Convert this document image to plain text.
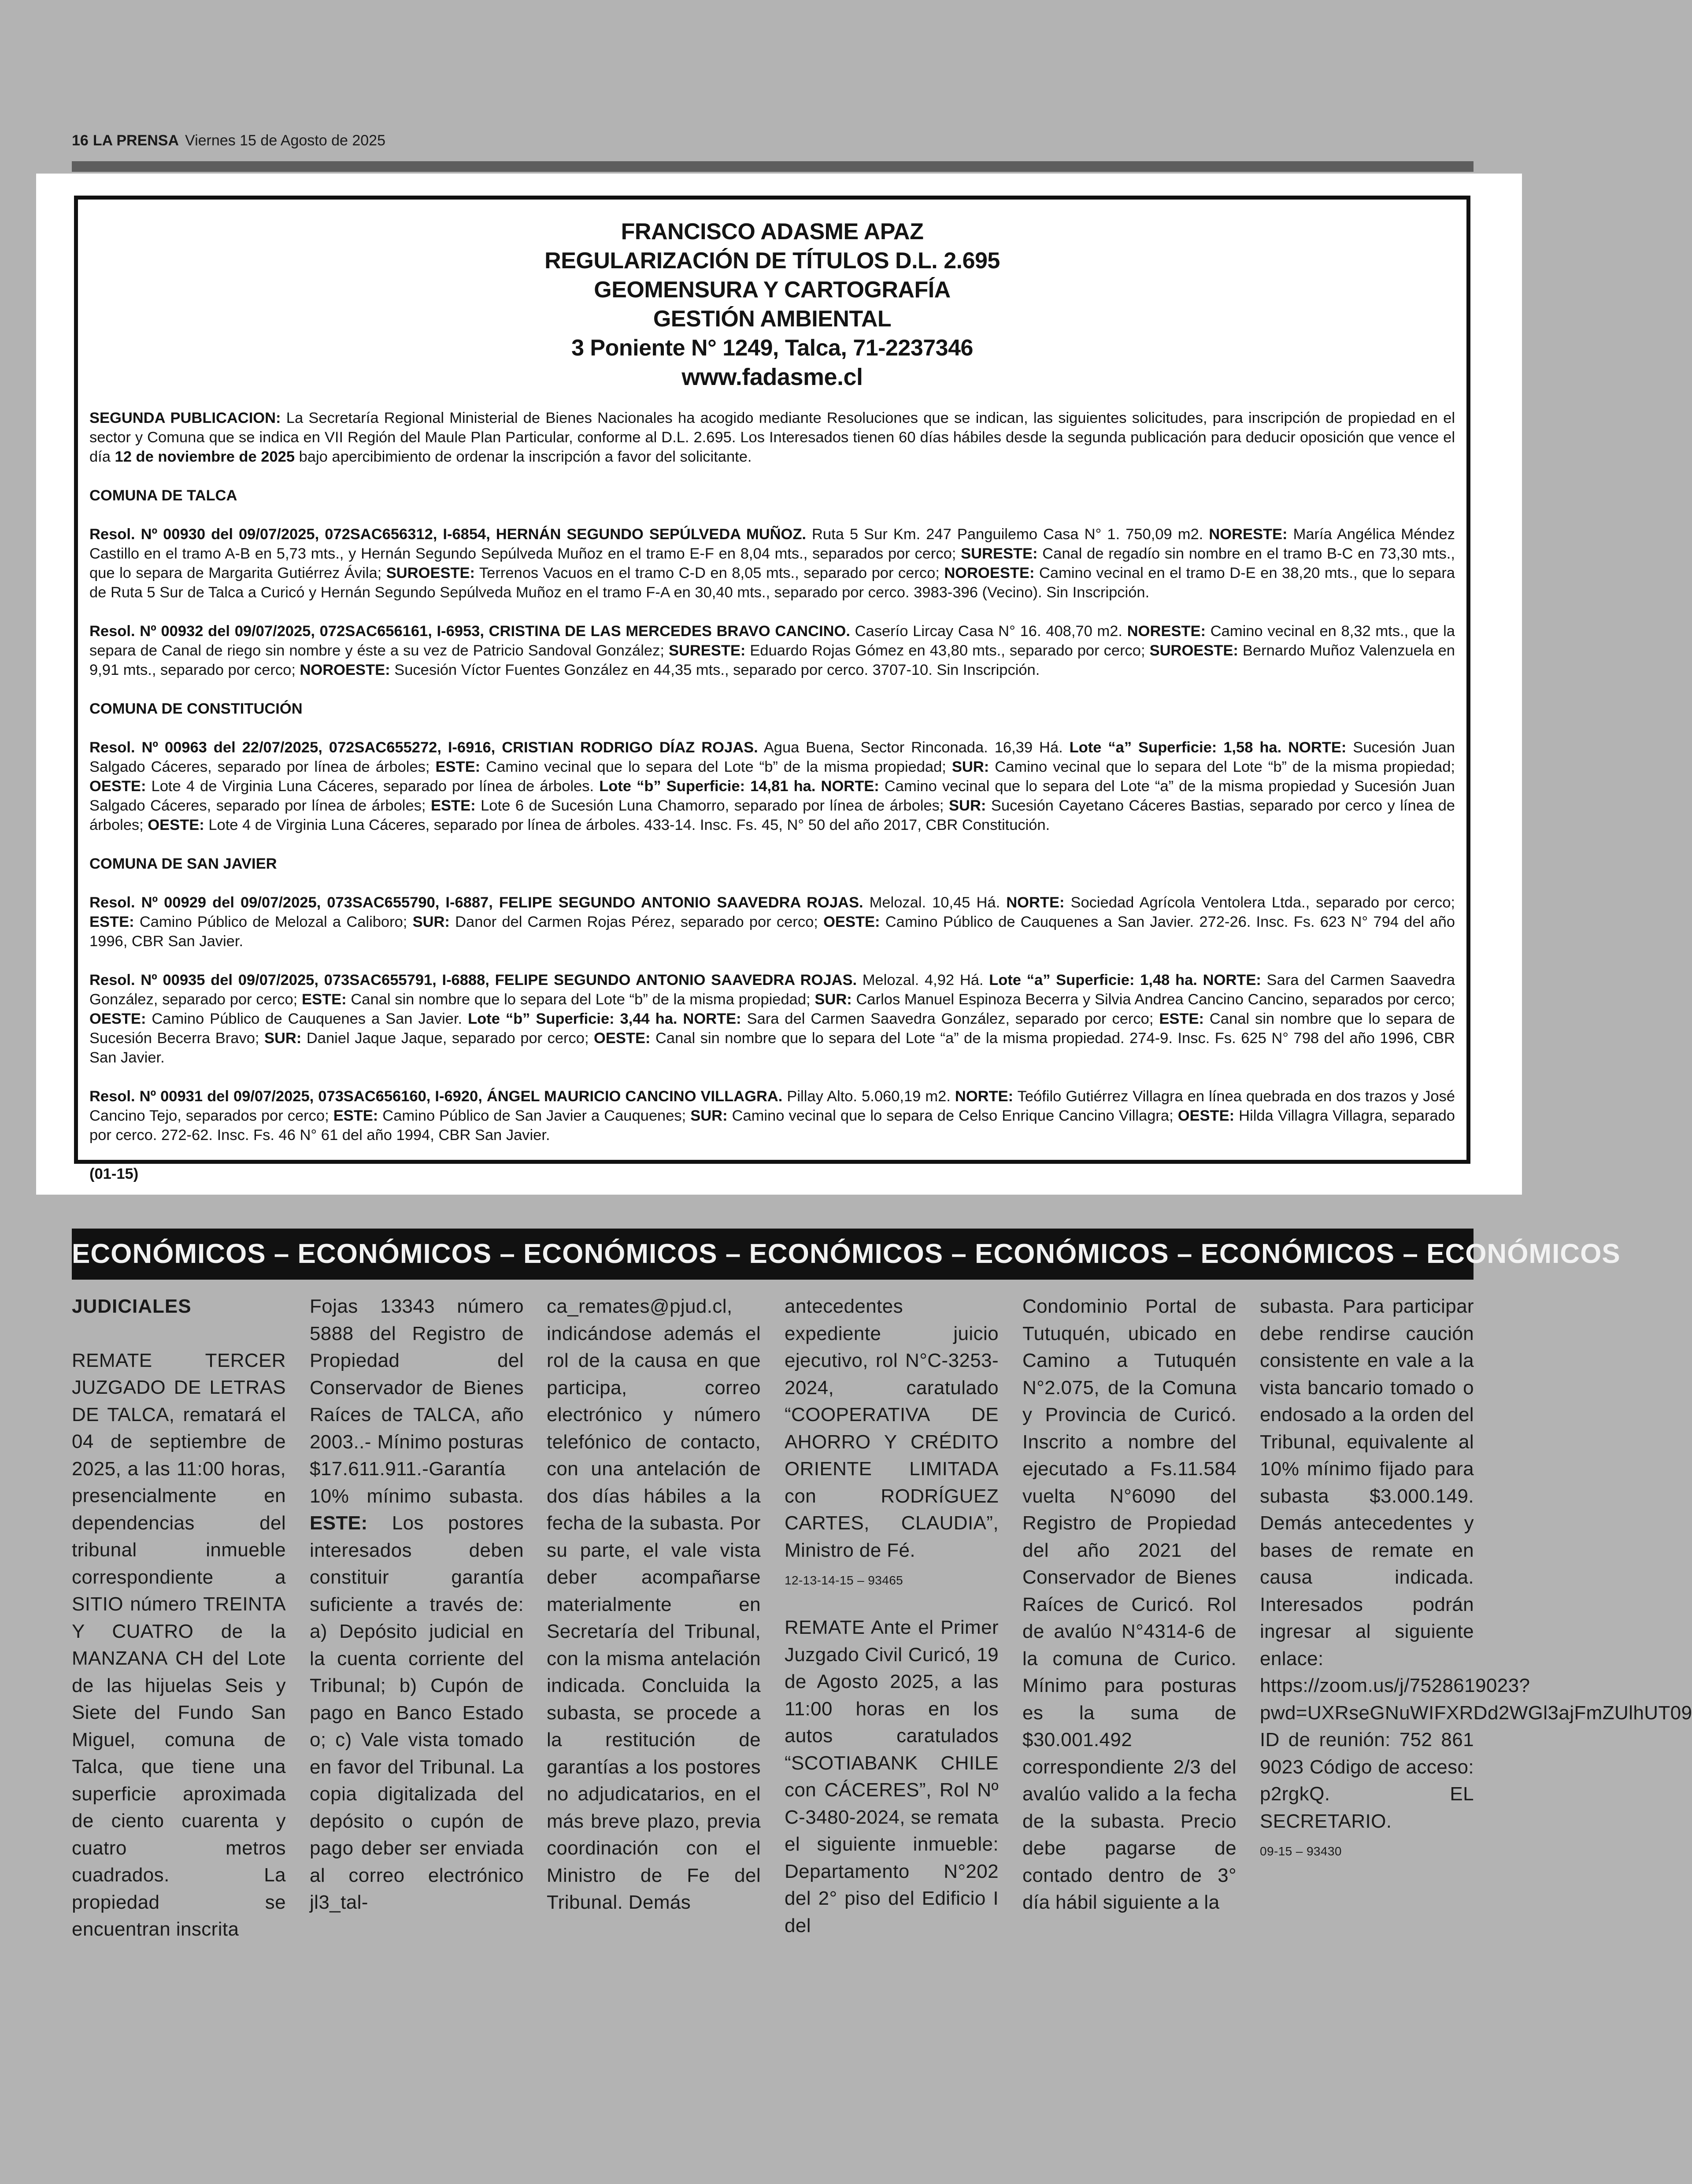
16 LA PRENSA Viernes 15 de Agosto de 2025
FRANCISCO ADASME APAZ
REGULARIZACIÓN DE TÍTULOS D.L. 2.695
GEOMENSURA Y CARTOGRAFÍA
GESTIÓN AMBIENTAL
3 Poniente N° 1249, Talca, 71-2237346
www.fadasme.cl

SEGUNDA PUBLICACION: La Secretaría Regional Ministerial de Bienes Nacionales ha acogido mediante Resoluciones que se indican, las siguientes solicitudes, para inscripción de propiedad en el sector y Comuna que se indica en VII Región del Maule Plan Particular, conforme al D.L. 2.695. Los Interesados tienen 60 días hábiles desde la segunda publicación para deducir oposición que vence el día 12 de noviembre de 2025 bajo apercibimiento de ordenar la inscripción a favor del solicitante.

COMUNA DE TALCA

Resol. Nº 00930 del 09/07/2025, 072SAC656312, I-6854, HERNÁN SEGUNDO SEPÚLVEDA MUÑOZ. Ruta 5 Sur Km. 247 Panguilemo Casa N° 1. 750,09 m2. NORESTE: María Angélica Méndez Castillo en el tramo A-B en 5,73 mts., y Hernán Segundo Sepúlveda Muñoz en el tramo E-F en 8,04 mts., separados por cerco; SURESTE: Canal de regadío sin nombre en el tramo B-C en 73,30 mts., que lo separa de Margarita Gutiérrez Ávila; SUROESTE: Terrenos Vacuos en el tramo C-D en 8,05 mts., separado por cerco; NOROESTE: Camino vecinal en el tramo D-E en 38,20 mts., que lo separa de Ruta 5 Sur de Talca a Curicó y Hernán Segundo Sepúlveda Muñoz en el tramo F-A en 30,40 mts., separado por cerco. 3983-396 (Vecino). Sin Inscripción.

Resol. Nº 00932 del 09/07/2025, 072SAC656161, I-6953, CRISTINA DE LAS MERCEDES BRAVO CANCINO. Caserío Lircay Casa N° 16. 408,70 m2. NORESTE: Camino vecinal en 8,32 mts., que la separa de Canal de riego sin nombre y éste a su vez de Patricio Sandoval González; SURESTE: Eduardo Rojas Gómez en 43,80 mts., separado por cerco; SUROESTE: Bernardo Muñoz Valenzuela en 9,91 mts., separado por cerco; NOROESTE: Sucesión Víctor Fuentes González en 44,35 mts., separado por cerco. 3707-10. Sin Inscripción.

COMUNA DE CONSTITUCIÓN

Resol. Nº 00963 del 22/07/2025, 072SAC655272, I-6916, CRISTIAN RODRIGO DÍAZ ROJAS. Agua Buena, Sector Rinconada. 16,39 Há. Lote “a” Superficie: 1,58 ha. NORTE: Sucesión Juan Salgado Cáceres, separado por línea de árboles; ESTE: Camino vecinal que lo separa del Lote “b” de la misma propiedad; SUR: Camino vecinal que lo separa del Lote “b” de la misma propiedad; OESTE: Lote 4 de Virginia Luna Cáceres, separado por línea de árboles. Lote “b” Superficie: 14,81 ha. NORTE: Camino vecinal que lo separa del Lote “a” de la misma propiedad y Sucesión Juan Salgado Cáceres, separado por línea de árboles; ESTE: Lote 6 de Sucesión Luna Chamorro, separado por línea de árboles; SUR: Sucesión Cayetano Cáceres Bastias, separado por cerco y línea de árboles; OESTE: Lote 4 de Virginia Luna Cáceres, separado por línea de árboles. 433-14. Insc. Fs. 45, N° 50 del año 2017, CBR Constitución.

COMUNA DE SAN JAVIER

Resol. Nº 00929 del 09/07/2025, 073SAC655790, I-6887, FELIPE SEGUNDO ANTONIO SAAVEDRA ROJAS. Melozal. 10,45 Há. NORTE: Sociedad Agrícola Ventolera Ltda., separado por cerco; ESTE: Camino Público de Melozal a Caliboro; SUR: Danor del Carmen Rojas Pérez, separado por cerco; OESTE: Camino Público de Cauquenes a San Javier. 272-26. Insc. Fs. 623 N° 794 del año 1996, CBR San Javier.

Resol. Nº 00935 del 09/07/2025, 073SAC655791, I-6888, FELIPE SEGUNDO ANTONIO SAAVEDRA ROJAS. Melozal. 4,92 Há. Lote “a” Superficie: 1,48 ha. NORTE: Sara del Carmen Saavedra González, separado por cerco; ESTE: Canal sin nombre que lo separa del Lote “b” de la misma propiedad; SUR: Carlos Manuel Espinoza Becerra y Silvia Andrea Cancino Cancino, separados por cerco; OESTE: Camino Público de Cauquenes a San Javier. Lote “b” Superficie: 3,44 ha. NORTE: Sara del Carmen Saavedra González, separado por cerco; ESTE: Canal sin nombre que lo separa de Sucesión Becerra Bravo; SUR: Daniel Jaque Jaque, separado por cerco; OESTE: Canal sin nombre que lo separa del Lote “a” de la misma propiedad. 274-9. Insc. Fs. 625 N° 798 del año 1996, CBR San Javier.

Resol. Nº 00931 del 09/07/2025, 073SAC656160, I-6920, ÁNGEL MAURICIO CANCINO VILLAGRA. Pillay Alto. 5.060,19 m2. NORTE: Teófilo Gutiérrez Villagra en línea quebrada en dos trazos y José Cancino Tejo, separados por cerco; ESTE: Camino Público de San Javier a Cauquenes; SUR: Camino vecinal que lo separa de Celso Enrique Cancino Villagra; OESTE: Hilda Villagra Villagra, separado por cerco. 272-62. Insc. Fs. 46 N° 61 del año 1994, CBR San Javier.

(01-15)

ECONÓMICOS – ECONÓMICOS – ECONÓMICOS – ECONÓMICOS – ECONÓMICOS – ECONÓMICOS – ECONÓMICOS
JUDICIALES
REMATE TERCER JUZGADO DE LETRAS DE TALCA, rematará el 04 de septiembre de 2025, a las 11:00 horas, presencialmente en dependencias del tribunal inmueble correspondiente a SITIO número TREINTA Y CUATRO de la MANZANA CH del Lote de las hijuelas Seis y Siete del Fundo San Miguel, comuna de Talca, que tiene una superficie aproximada de ciento cuarenta y cuatro metros cuadrados. La propiedad se encuentran inscrita
Fojas 13343 número 5888 del Registro de Propiedad del Conservador de Bienes Raíces de TALCA, año 2003..- Mínimo posturas $17.611.911.-Garantía 10% mínimo subasta. ESTE: Los postores interesados deben constituir garantía suficiente a través de: a) Depósito judicial en la cuenta corriente del Tribunal; b) Cupón de pago en Banco Estado o; c) Vale vista tomado en favor del Tribunal. La copia digitalizada del depósito o cupón de pago deber ser enviada al correo electrónico jl3_tal-
ca_remates@pjud.cl, indicándose además el rol de la causa en que participa, correo electrónico y número telefónico de contacto, con una antelación de dos días hábiles a la fecha de la subasta. Por su parte, el vale vista deber acompañarse materialmente en Secretaría del Tribunal, con la misma antelación indicada. Concluida la subasta, se procede a la restitución de garantías a los postores no adjudicatarios, en el más breve plazo, previa coordinación con el Ministro de Fe del Tribunal. Demás
antecedentes expediente juicio ejecutivo, rol N°C-3253-2024, caratulado “COOPERATIVA DE AHORRO Y CRÉDITO ORIENTE LIMITADA con RODRÍGUEZ CARTES, CLAUDIA”, Ministro de Fé.
12-13-14-15 – 93465
REMATE Ante el Primer Juzgado Civil Curicó, 19 de Agosto 2025, a las 11:00 horas en los autos caratulados “SCOTIABANK CHILE con CÁCERES”, Rol Nº C-3480-2024, se remata el siguiente inmueble: Departamento N°202 del 2° piso del Edificio I del
Condominio Portal de Tutuquén, ubicado en Camino a Tutuquén N°2.075, de la Comuna y Provincia de Curicó. Inscrito a nombre del ejecutado a Fs.11.584 vuelta N°6090 del Registro de Propiedad del año 2021 del Conservador de Bienes Raíces de Curicó. Rol de avalúo N°4314-6 de la comuna de Curico. Mínimo para posturas es la suma de $30.001.492 correspondiente 2/3 del avalúo valido a la fecha de la subasta. Precio debe pagarse de contado dentro de 3° día hábil siguiente a la
subasta. Para participar debe rendirse caución consistente en vale a la vista bancario tomado o endosado a la orden del Tribunal, equivalente al 10% mínimo fijado para subasta $3.000.149. Demás antecedentes y bases de remate en causa indicada. Interesados podrán ingresar al siguiente enlace: https://zoom.us/j/7528619023?pwd=UXRseGNuWIFXRDd2WGl3ajFmZUlhUT09 ID de reunión: 752 861 9023 Código de acceso: p2rgkQ. EL SECRETARIO.
09-15 – 93430
